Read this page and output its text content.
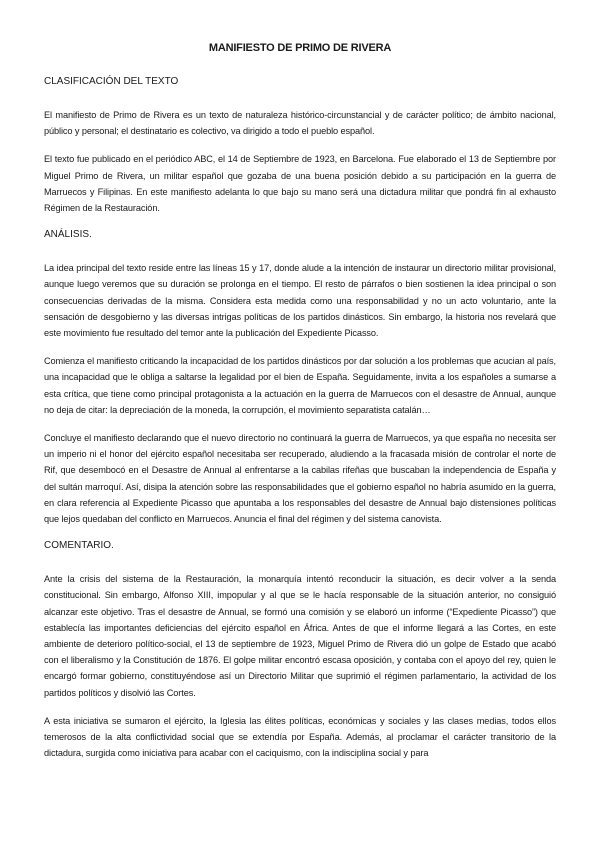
MANIFIESTO DE PRIMO DE RIVERA
CLASIFICACIÓN DEL TEXTO

El manifiesto de Primo de Rivera es un texto de naturaleza histórico-circunstancial y de carácter político; de ámbito nacional, público y personal; el destinatario es colectivo, va dirigido a todo el pueblo español.

El texto fue publicado en el periódico ABC, el 14 de Septiembre de 1923, en Barcelona. Fue elaborado el 13 de Septiembre por Miguel Primo de Rivera, un militar español que gozaba de una buena posición debido a su participación en la guerra de Marruecos y Filipinas. En este manifiesto adelanta lo que bajo su mano será una dictadura militar que pondrá fin al exhausto Régimen de la Restauración.

ANÁLISIS.

La idea principal del texto reside entre las líneas 15 y 17, donde alude a la intención de instaurar un directorio militar provisional, aunque luego veremos que su duración se prolonga en el tiempo. El resto de párrafos o bien sostienen la idea principal o son consecuencias derivadas de la misma. Considera esta medida como una responsabilidad y no un acto voluntario, ante la sensación de desgobierno y las diversas intrigas políticas de los partidos dinásticos. Sin embargo, la historia nos revelará que este movimiento fue resultado del temor ante la publicación del Expediente Picasso.

Comienza el manifiesto criticando la incapacidad de los partidos dinásticos por dar solución a los problemas que acucian al país, una incapacidad que le obliga a saltarse la legalidad por el bien de España. Seguidamente, invita a los españoles a sumarse a esta crítica, que tiene como principal protagonista a la actuación en la guerra de Marruecos con el desastre de Annual, aunque no deja de citar: la depreciación de la moneda, la corrupción, el movimiento separatista catalán…

Concluye el manifiesto declarando que el nuevo directorio no continuará la guerra de Marruecos, ya que españa no necesita ser un imperio ni el honor del ejército español necesitaba ser recuperado, aludiendo a la fracasada misión de controlar el norte de Rif, que desembocó en el Desastre de Annual al enfrentarse a la cabilas rifeñas que buscaban la independencia de España y del sultán marroquí. Así, disipa la atención sobre las responsabilidades que el gobierno español no habría asumido en la guerra, en clara referencia al Expediente Picasso que apuntaba a los responsables del desastre de Annual bajo distensiones políticas que lejos quedaban del conflicto en Marruecos. Anuncia el final del régimen y del sistema canovista.

COMENTARIO.

Ante la crisis del sistema de la Restauración, la monarquía intentó reconducir la situación, es decir volver a la senda constitucional. Sin embargo, Alfonso XIII, impopular y al que se le hacía responsable de la situación anterior, no consiguió alcanzar este objetivo. Tras el desastre de Annual, se formó una comisión y se elaboró un informe (“Expediente Picasso”) que establecía las importantes deficiencias del ejército español en África. Antes de que el informe llegará a las Cortes, en este ambiente de deterioro político-social, el 13 de septiembre de 1923, Miguel Primo de Rivera dió un golpe de Estado que acabó con el liberalismo y la Constitución de 1876. El golpe militar encontró escasa oposición, y contaba con el apoyo del rey, quien le encargó formar gobierno, constituyéndose así un Directorio Militar que suprimió el régimen parlamentario, la actividad de los partidos políticos y disolvió las Cortes.

A esta iniciativa se sumaron el ejército, la Iglesia las élites políticas, económicas y sociales y las clases medias, todos ellos temerosos de la alta conflictividad social que se extendía por España. Además, al proclamar el carácter transitorio de la dictadura, surgida como iniciativa para acabar con el caciquismo, con la indisciplina social y para
